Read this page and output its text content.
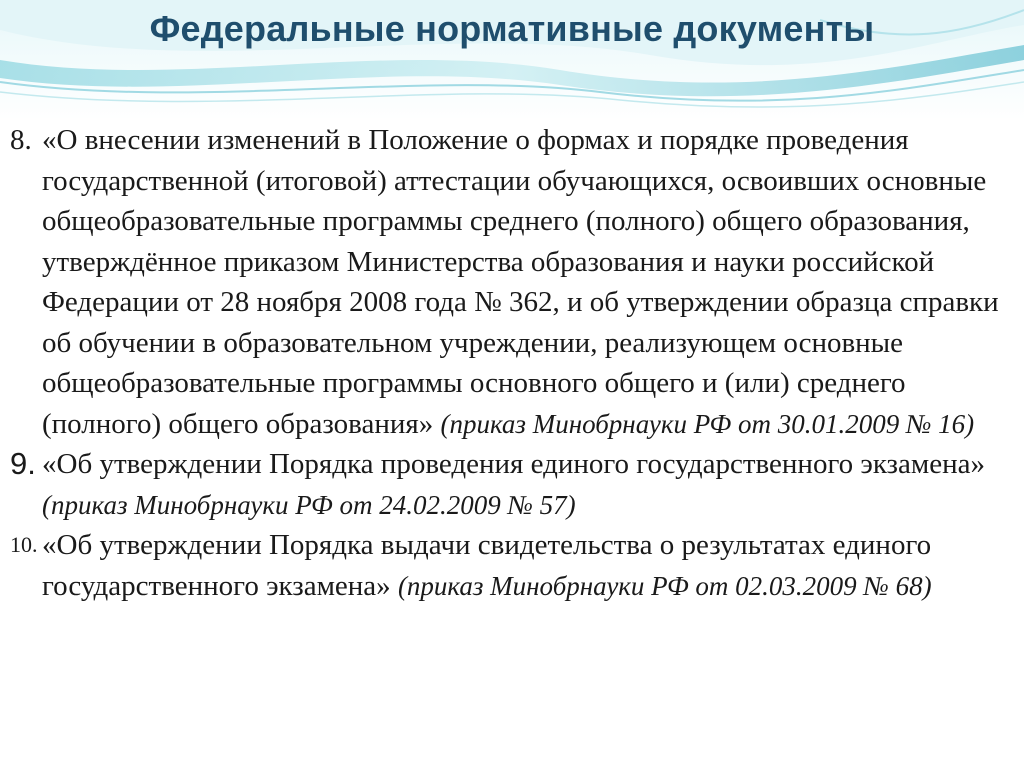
Федеральные нормативные документы

8. «О внесении изменений в Положение о формах и порядке проведения государственной (итоговой) аттестации обучающихся, освоивших основные общеобразовательные программы среднего (полного) общего образования, утверждённое приказом Министерства образования и науки российской Федерации от 28 ноября 2008 года № 362, и об утверждении образца справки об обучении в образовательном учреждении, реализующем основные общеобразовательные программы основного общего и (или) среднего (полного) общего образования» (приказ Минобрнауки РФ от 30.01.2009 № 16)

9. «Об утверждении Порядка проведения единого государственного экзамена» (приказ Минобрнауки РФ от 24.02.2009 № 57)

10. «Об утверждении Порядка выдачи свидетельства о результатах единого государственного экзамена» (приказ Минобрнауки РФ от 02.03.2009 № 68)
